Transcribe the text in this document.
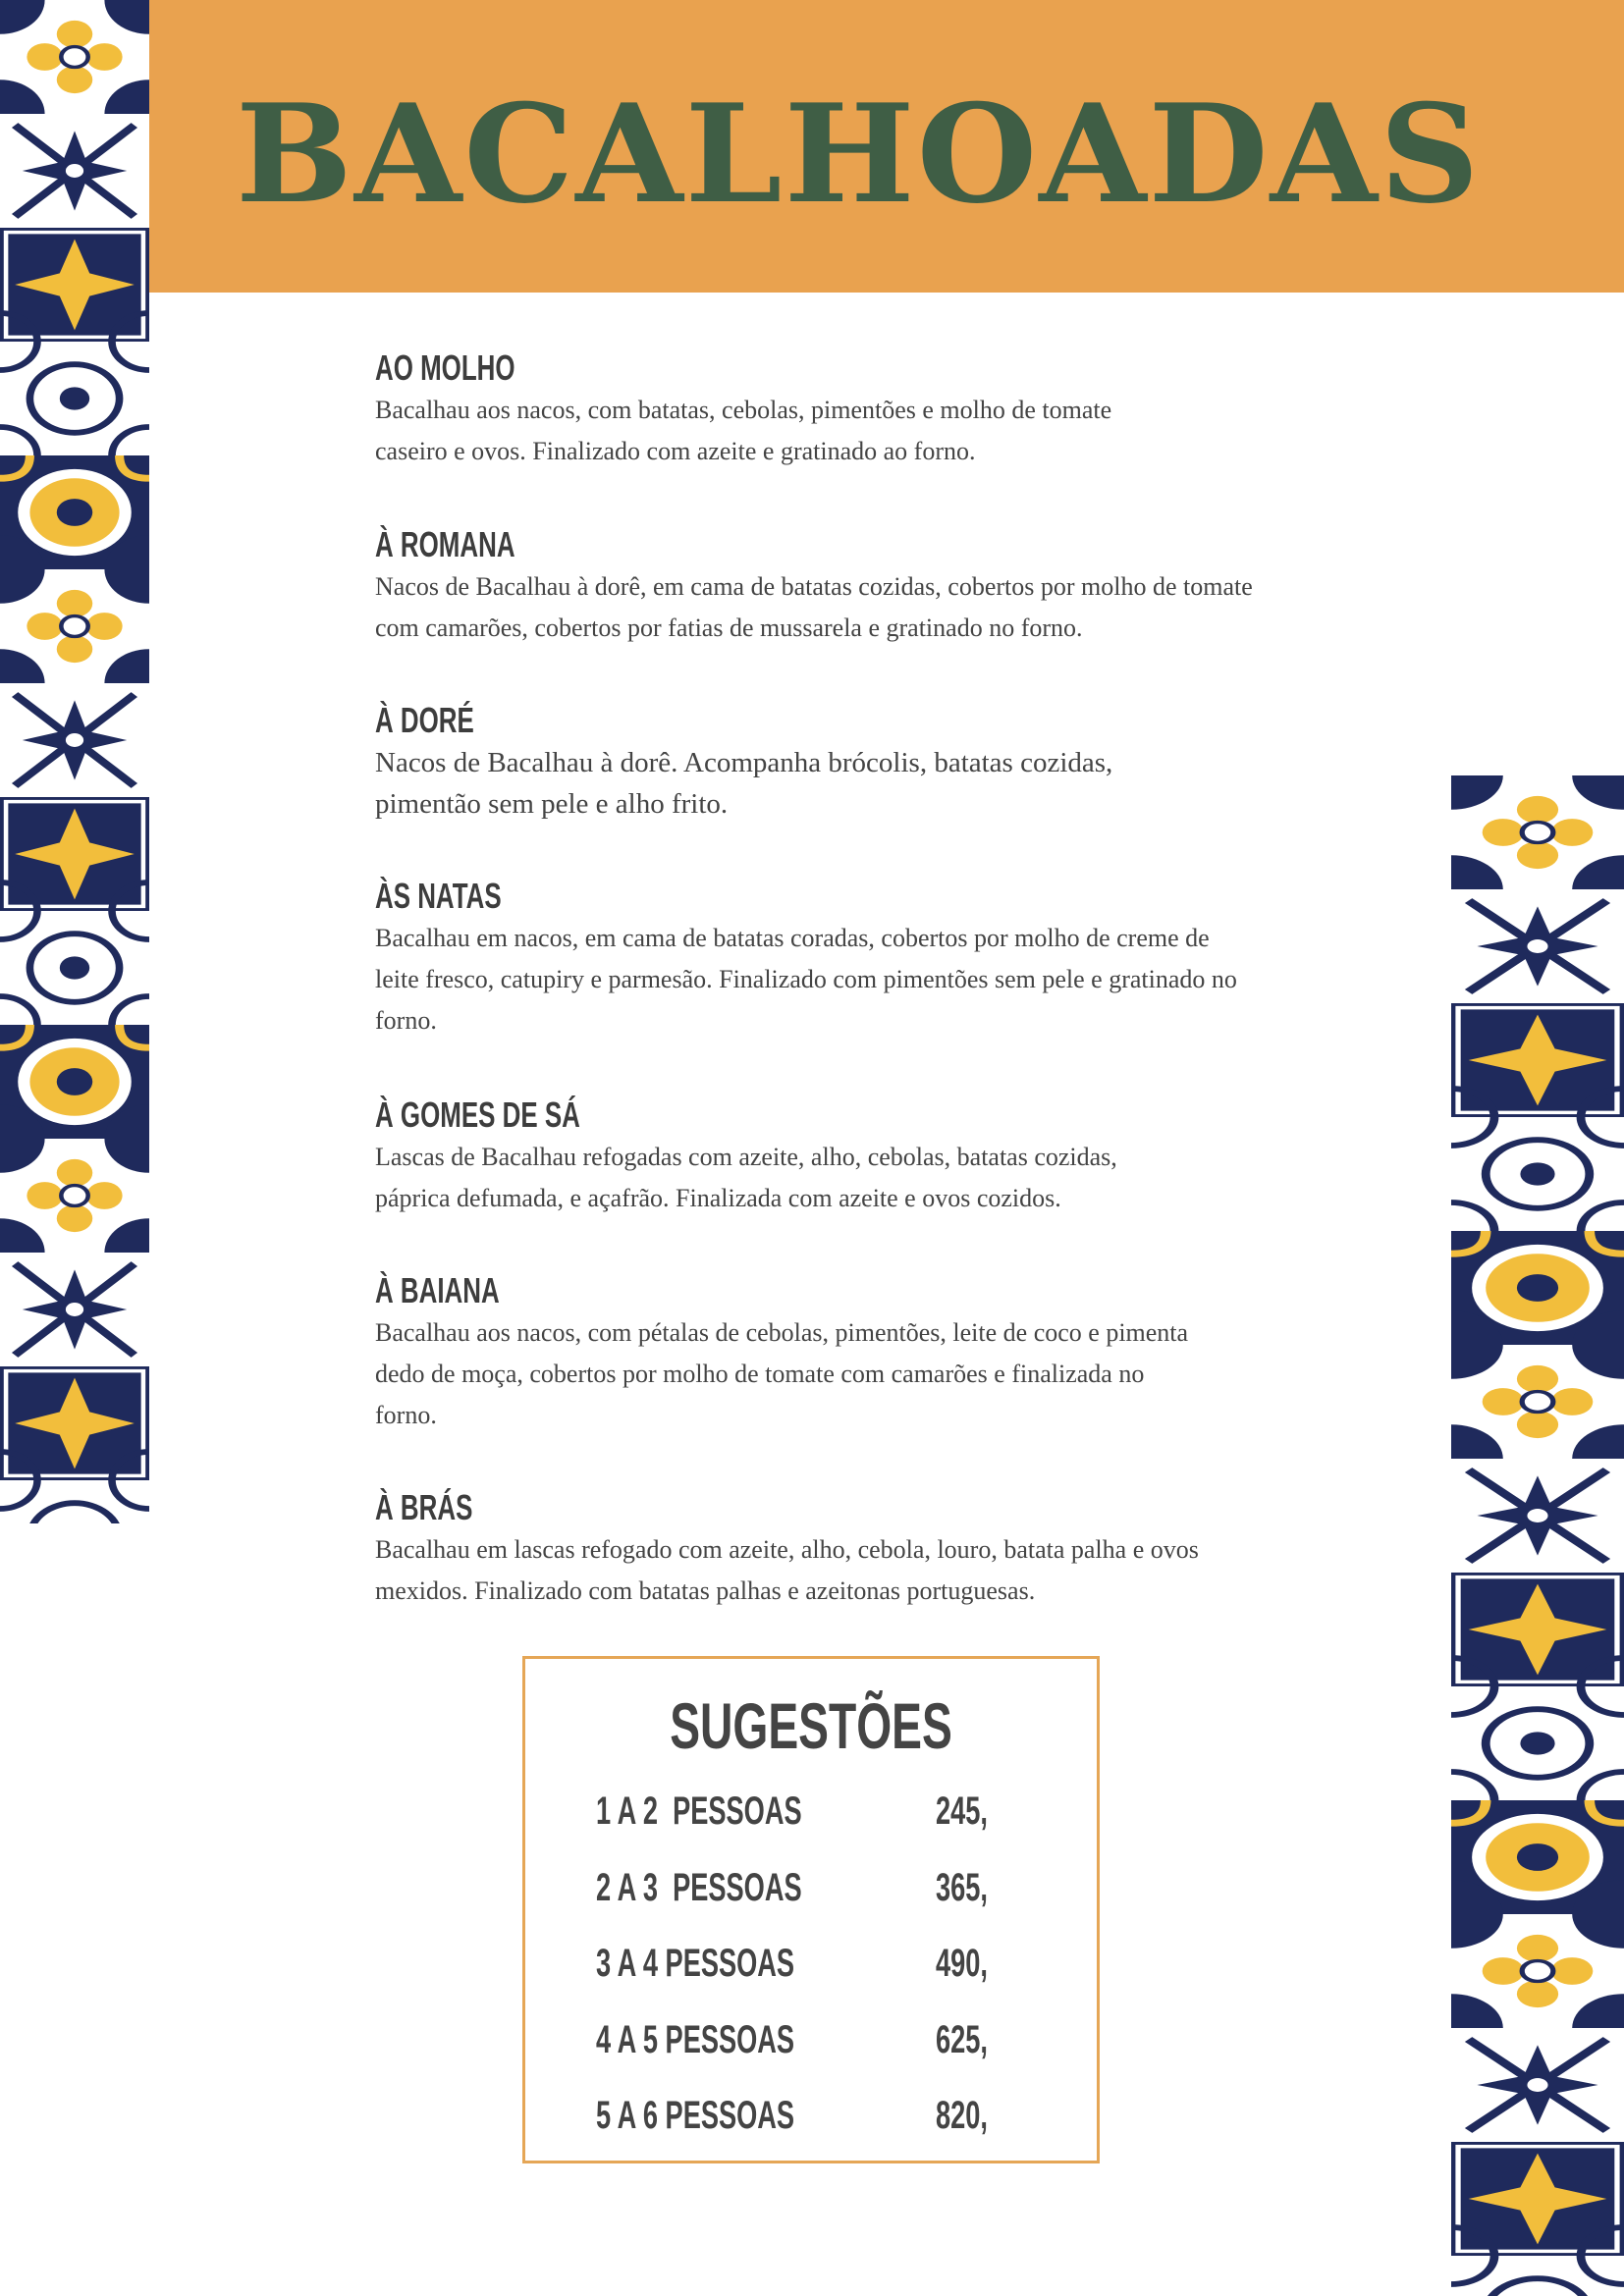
BACALHOADAS
AO MOLHO
Bacalhau aos nacos, com batatas, cebolas, pimentões e molho de tomate caseiro e ovos. Finalizado com azeite e gratinado ao forno.
À ROMANA
Nacos de Bacalhau à dorê, em cama de batatas cozidas, cobertos por molho de tomate com camarões, cobertos por fatias de mussarela e gratinado no forno.
À DORÉ
Nacos de Bacalhau à dorê. Acompanha brócolis, batatas cozidas, pimentão sem pele e alho frito.
ÀS NATAS
Bacalhau em nacos, em cama de batatas coradas, cobertos por molho de creme de leite fresco, catupiry e parmesão. Finalizado com pimentões sem pele e gratinado no forno.
À GOMES DE SÁ
Lascas de Bacalhau refogadas com azeite, alho, cebolas, batatas cozidas, páprica defumada, e açafrão. Finalizada com azeite e ovos cozidos.
À BAIANA
Bacalhau aos nacos, com pétalas de cebolas, pimentões, leite de coco e pimenta dedo de moça, cobertos por molho de tomate com camarões e finalizada no forno.
À BRÁS
Bacalhau em lascas refogado com azeite, alho, cebola, louro, batata palha e ovos mexidos. Finalizado com batatas palhas e azeitonas portuguesas.
SUGESTÕES
1 A 2  PESSOAS	245,
2 A 3  PESSOAS	365,
3 A 4 PESSOAS	490,
4 A 5 PESSOAS	625,
5 A 6 PESSOAS	820,
